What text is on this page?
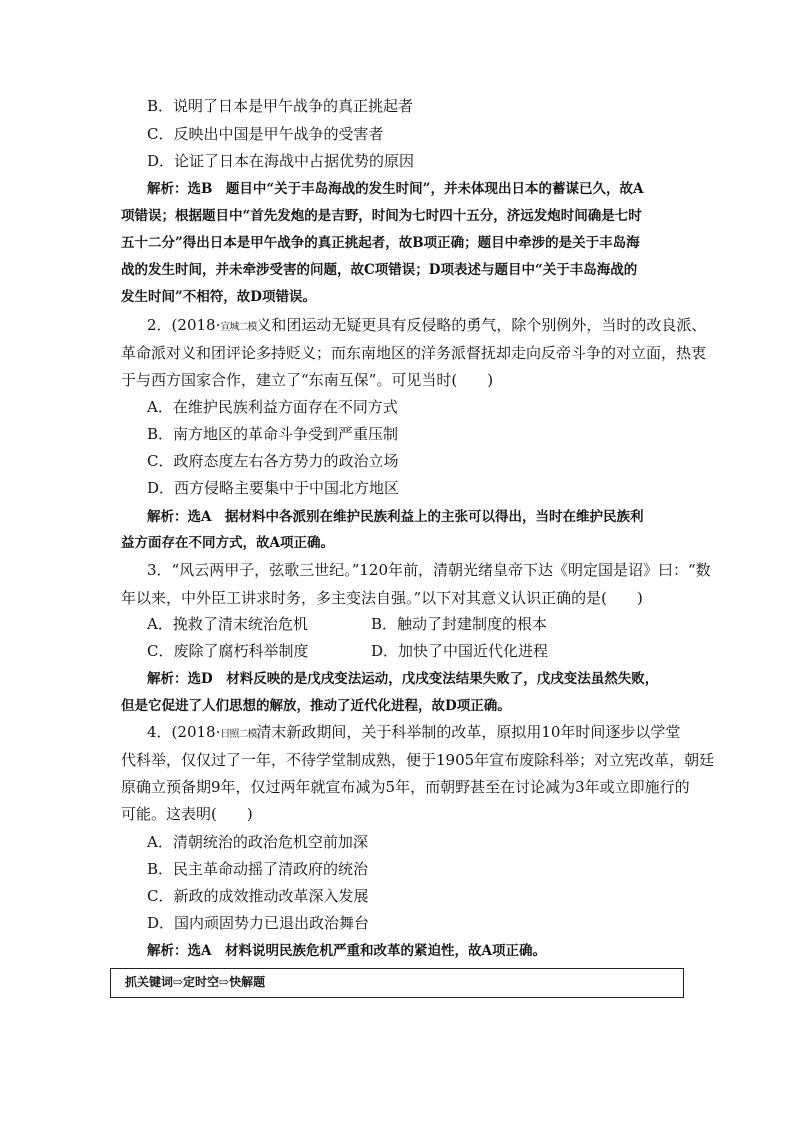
B．说明了日本是甲午战争的真正挑起者
C．反映出中国是甲午战争的受害者
D．论证了日本在海战中占据优势的原因
解析：选B　题目中“关于丰岛海战的发生时间”，并未体现出日本的蓄谋已久，故A
项错误；根据题目中“首先发炮的是吉野，时间为七时四十五分，济远发炮时间确是七时
五十二分”得出日本是甲午战争的真正挑起者，故B项正确；题目中牵涉的是关于丰岛海
战的发生时间，并未牵涉受害的问题，故C项错误；D项表述与题目中“关于丰岛海战的
发生时间”不相符，故D项错误。
2．(2018·宣城二模义和团运动无疑更具有反侵略的勇气，除个别例外，当时的改良派、
革命派对义和团评论多持贬义；而东南地区的洋务派督抚却走向反帝斗争的对立面，热衷
于与西方国家合作，建立了“东南互保”。可见当时(　　)
A．在维护民族利益方面存在不同方式
B．南方地区的革命斗争受到严重压制
C．政府态度左右各方势力的政治立场
D．西方侵略主要集中于中国北方地区
解析：选A　据材料中各派别在维护民族利益上的主张可以得出，当时在维护民族利
益方面存在不同方式，故A项正确。
3．“风云两甲子，弦歌三世纪。”120年前，清朝光绪皇帝下达《明定国是诏》曰：“数
年以来，中外臣工讲求时务，多主变法自强。”以下对其意义认识正确的是(　　)
A．挽救了清末统治危机	B．触动了封建制度的根本
C．废除了腐朽科举制度	D．加快了中国近代化进程
解析：选D　材料反映的是戊戌变法运动，戊戌变法结果失败了，戊戌变法虽然失败，
但是它促进了人们思想的解放，推动了近代化进程，故D项正确。
4．(2018·日照二模清末新政期间，关于科举制的改革，原拟用10年时间逐步以学堂
代科举，仅仅过了一年，不待学堂制成熟，便于1905年宣布废除科举；对立宪改革，朝廷
原确立预备期9年，仅过两年就宣布减为5年，而朝野甚至在讨论减为3年或立即施行的
可能。这表明(　　)
A．清朝统治的政治危机空前加深
B．民主革命动摇了清政府的统治
C．新政的成效推动改革深入发展
D．国内顽固势力已退出政治舞台
解析：选A　材料说明民族危机严重和改革的紧迫性，故A项正确。
抓关键词⇨定时空⇨快解题
